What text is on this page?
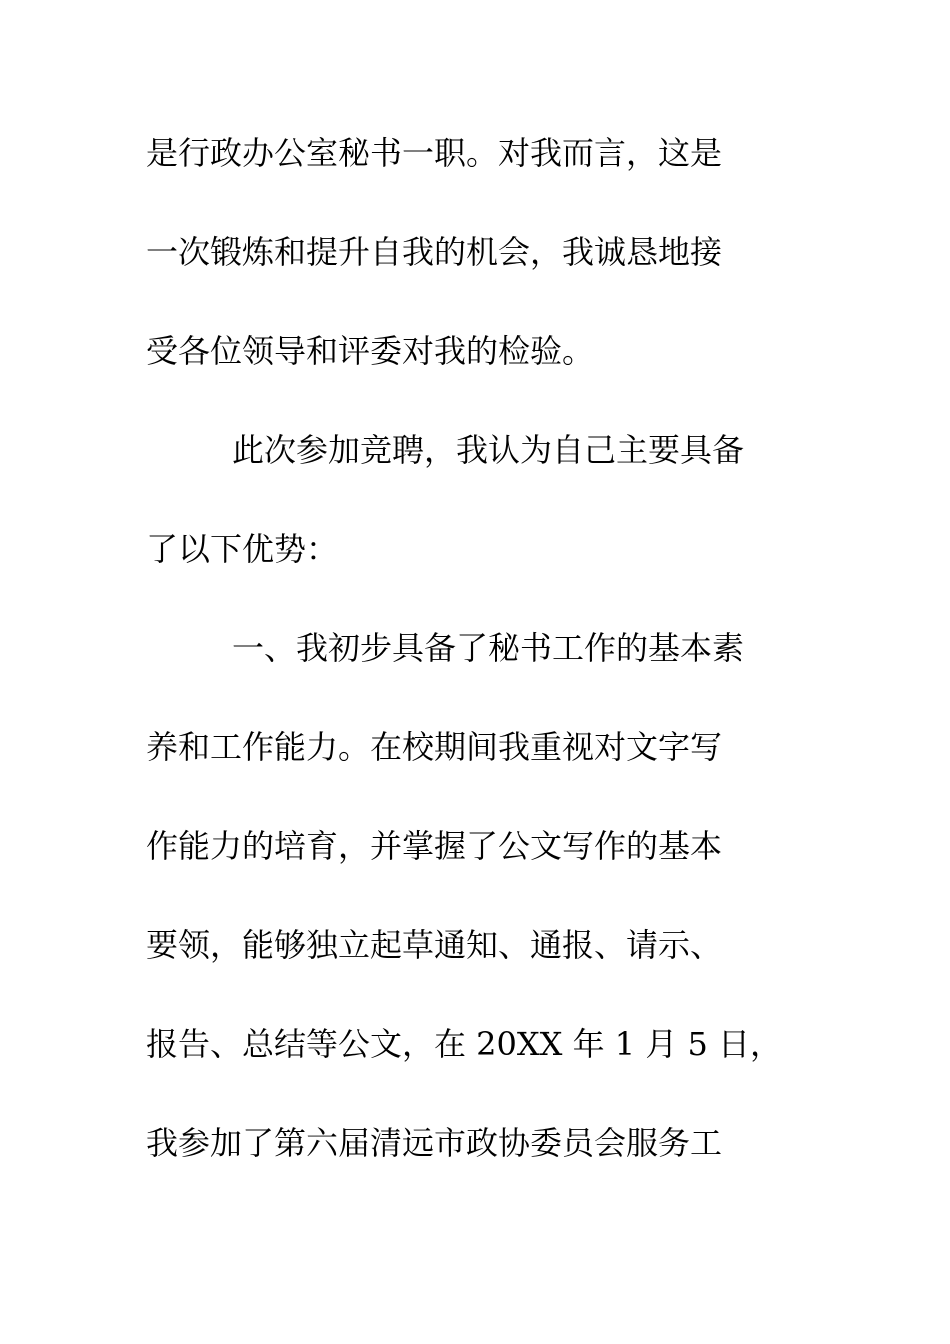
是行政办公室秘书一职。对我而言，这是
一次锻炼和提升自我的机会，我诚恳地接
受各位领导和评委对我的检验。
此次参加竞聘，我认为自己主要具备
了以下优势：
一、我初步具备了秘书工作的基本素
养和工作能力。在校期间我重视对文字写
作能力的培育，并掌握了公文写作的基本
要领，能够独立起草通知、通报、请示、
报告、总结等公文，在 20XX 年 1 月 5 日，
我参加了第六届清远市政协委员会服务工
